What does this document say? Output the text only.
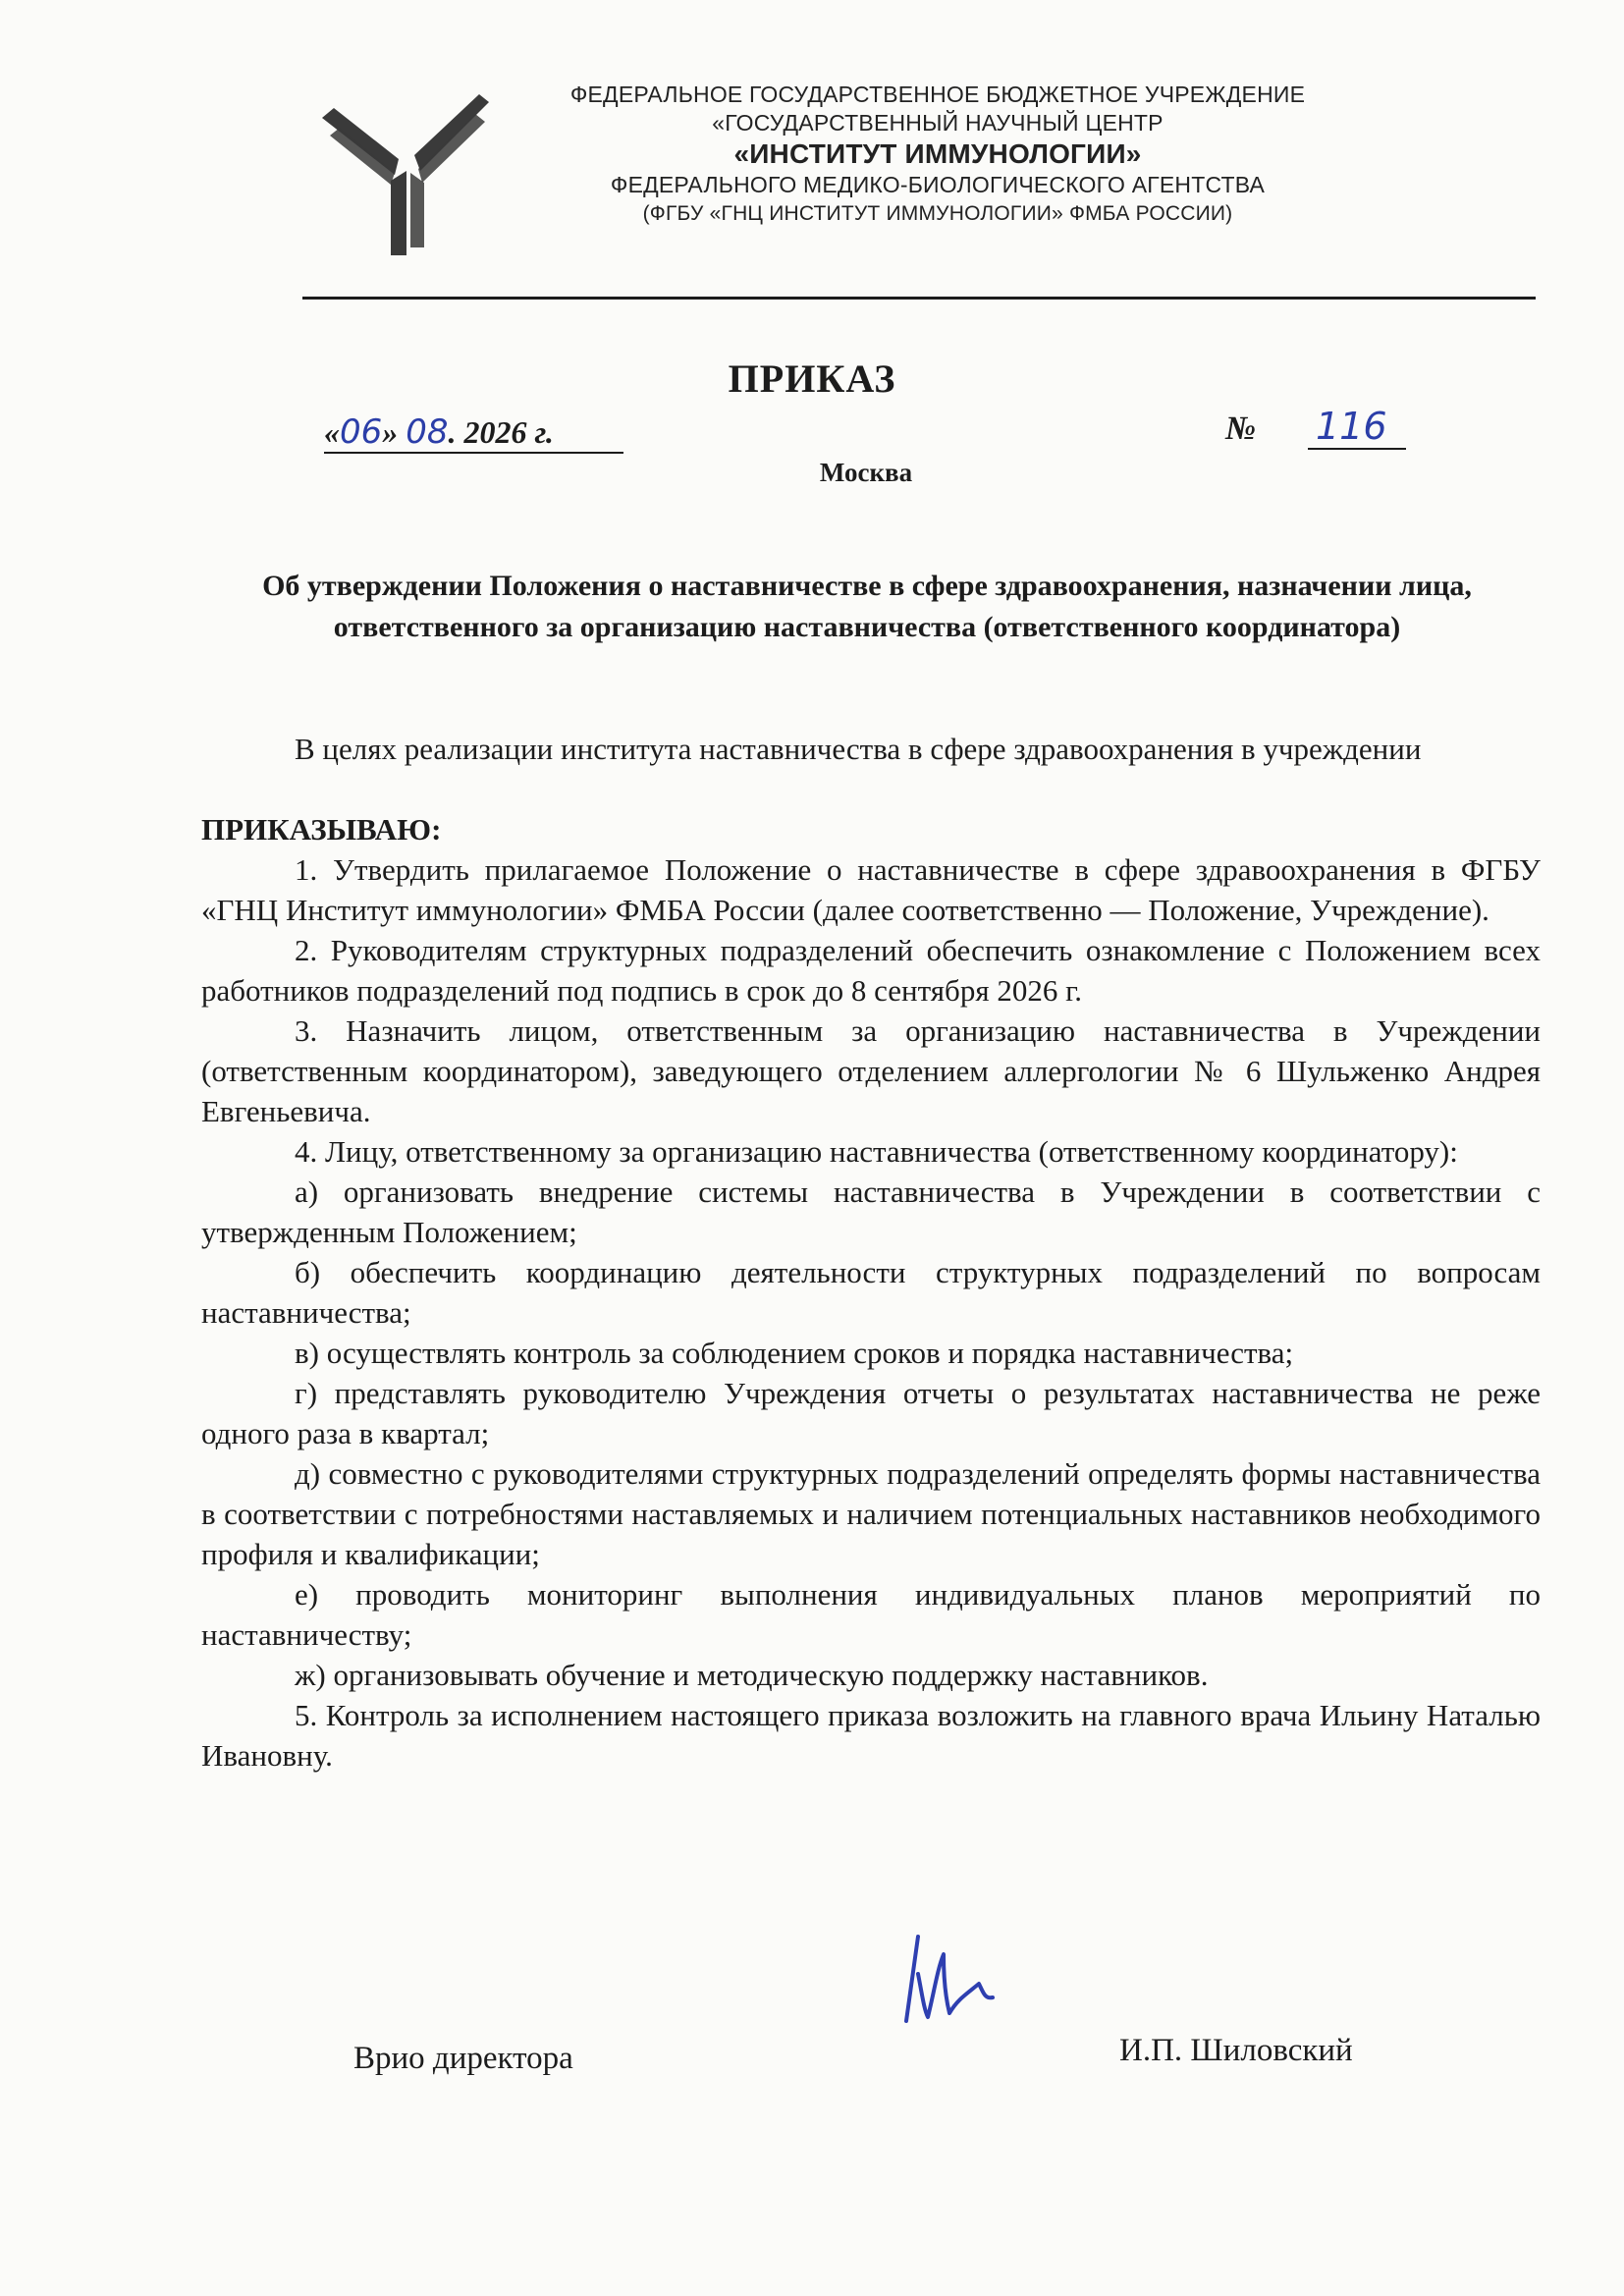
ФЕДЕРАЛЬНОЕ ГОСУДАРСТВЕННОЕ БЮДЖЕТНОЕ УЧРЕЖДЕНИЕ
«ГОСУДАРСТВЕННЫЙ НАУЧНЫЙ ЦЕНТР
«ИНСТИТУТ ИММУНОЛОГИИ»
ФЕДЕРАЛЬНОГО МЕДИКО-БИОЛОГИЧЕСКОГО АГЕНТСТВА
(ФГБУ «ГНЦ ИНСТИТУТ ИММУНОЛОГИИ» ФМБА РОССИИ)
ПРИКАЗ
«06» 08. 2026 г.	№ 116
Москва
Об утверждении Положения о наставничестве в сфере здравоохранения, назначении лица, ответственного за организацию наставничества (ответственного координатора)

В целях реализации института наставничества в сфере здравоохранения в учреждении

ПРИКАЗЫВАЮ:

1. Утвердить прилагаемое Положение о наставничестве в сфере здравоохранения в ФГБУ «ГНЦ Институт иммунологии» ФМБА России (далее соответственно — Положение, Учреждение).

2. Руководителям структурных подразделений обеспечить ознакомление с Положением всех работников подразделений под подпись в срок до 8 сентября 2026 г.

3. Назначить лицом, ответственным за организацию наставничества в Учреждении (ответственным координатором), заведующего отделением аллергологии № 6 Шульженко Андрея Евгеньевича.

4. Лицу, ответственному за организацию наставничества (ответственному координатору):

а) организовать внедрение системы наставничества в Учреждении в соответствии с утвержденным Положением;

б) обеспечить координацию деятельности структурных подразделений по вопросам наставничества;

в) осуществлять контроль за соблюдением сроков и порядка наставничества;

г) представлять руководителю Учреждения отчеты о результатах наставничества не реже одного раза в квартал;

д) совместно с руководителями структурных подразделений определять формы наставничества в соответствии с потребностями наставляемых и наличием потенциальных наставников необходимого профиля и квалификации;

е) проводить мониторинг выполнения индивидуальных планов мероприятий по наставничеству;

ж) организовывать обучение и методическую поддержку наставников.

5. Контроль за исполнением настоящего приказа возложить на главного врача Ильину Наталью Ивановну.

Врио директора	И.П. Шиловский
